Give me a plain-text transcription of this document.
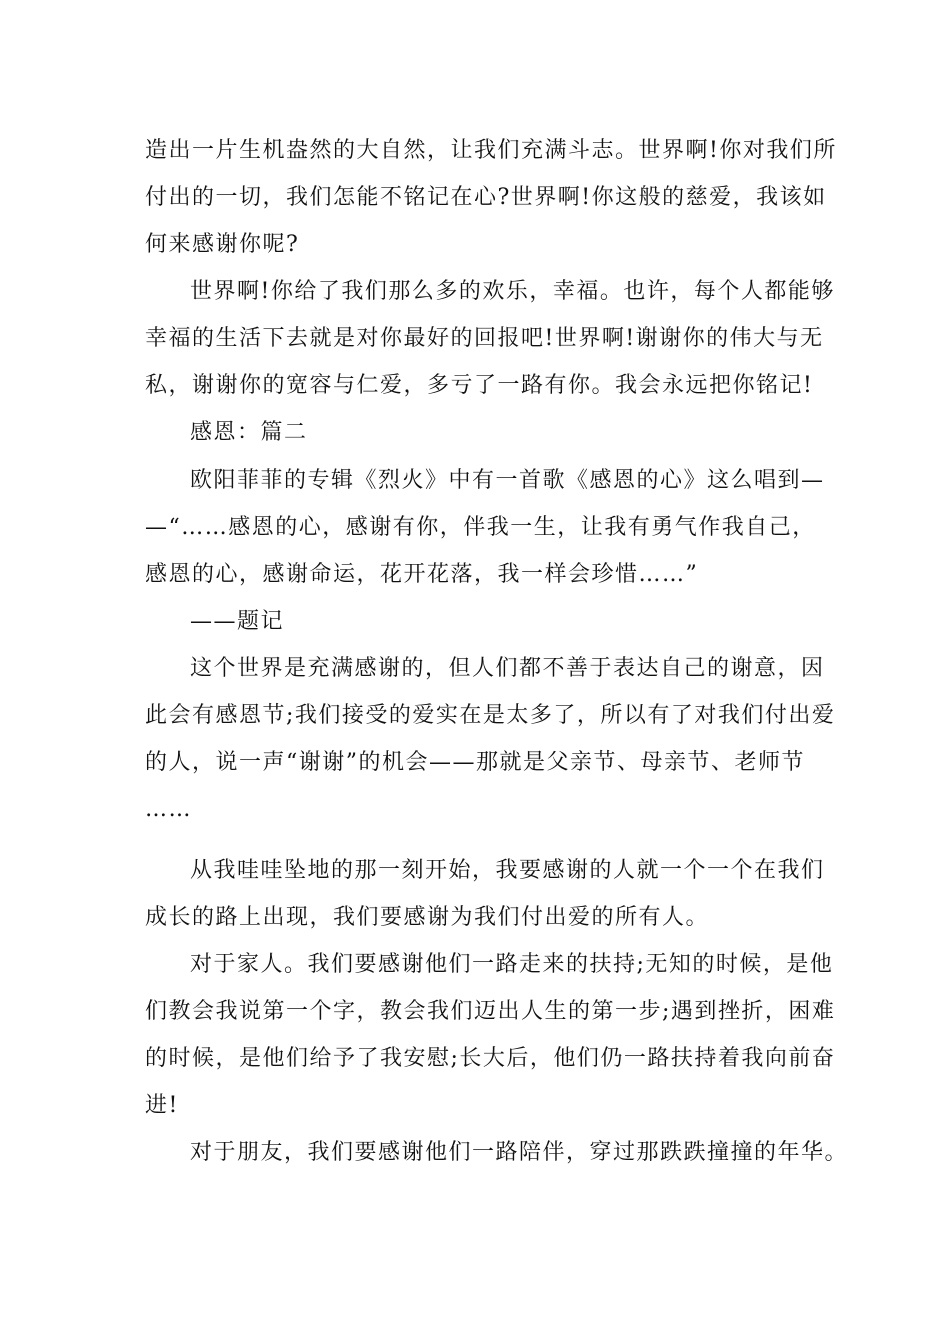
造出一片生机盎然的大自然，让我们充满斗志。世界啊!你对我们所
付出的一切，我们怎能不铭记在心?世界啊!你这般的慈爱，我该如
何来感谢你呢?
世界啊!你给了我们那么多的欢乐，幸福。也许，每个人都能够
幸福的生活下去就是对你最好的回报吧!世界啊!谢谢你的伟大与无
私，谢谢你的宽容与仁爱，多亏了一路有你。我会永远把你铭记!
感恩：篇二
欧阳菲菲的专辑《烈火》中有一首歌《感恩的心》这么唱到—
—“……感恩的心，感谢有你，伴我一生，让我有勇气作我自己，
感恩的心，感谢命运，花开花落，我一样会珍惜……”
——题记
这个世界是充满感谢的，但人们都不善于表达自己的谢意，因
此会有感恩节;我们接受的爱实在是太多了，所以有了对我们付出爱
的人，说一声“谢谢”的机会——那就是父亲节、母亲节、老师节
……
从我哇哇坠地的那一刻开始，我要感谢的人就一个一个在我们
成长的路上出现，我们要感谢为我们付出爱的所有人。
对于家人。我们要感谢他们一路走来的扶持;无知的时候，是他
们教会我说第一个字，教会我们迈出人生的第一步;遇到挫折，困难
的时候，是他们给予了我安慰;长大后，他们仍一路扶持着我向前奋
进!
对于朋友，我们要感谢他们一路陪伴，穿过那跌跌撞撞的年华。
